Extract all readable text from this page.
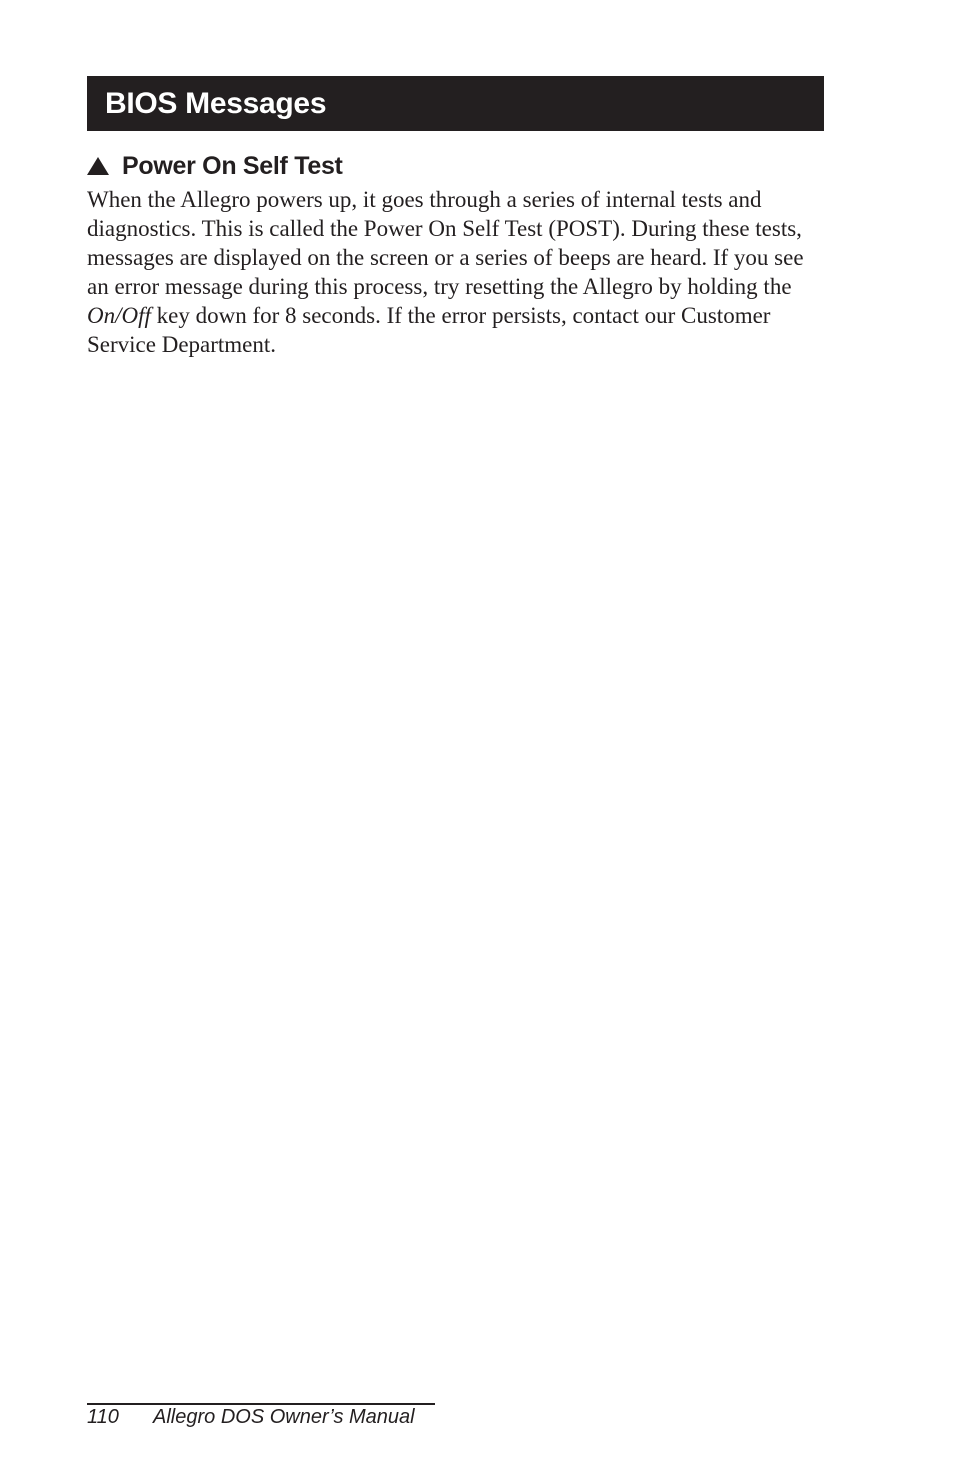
BIOS Messages
Power On Self Test

When the Allegro powers up, it goes through a series of internal tests and diagnostics. This is called the Power On Self Test (POST). During these tests, messages are displayed on the screen or a series of beeps are heard. If you see an error message during this process, try resetting the Allegro by holding the On/Off key down for 8 seconds. If the error persists, contact our Customer Service Department.

110 Allegro DOS Owner’s Manual
